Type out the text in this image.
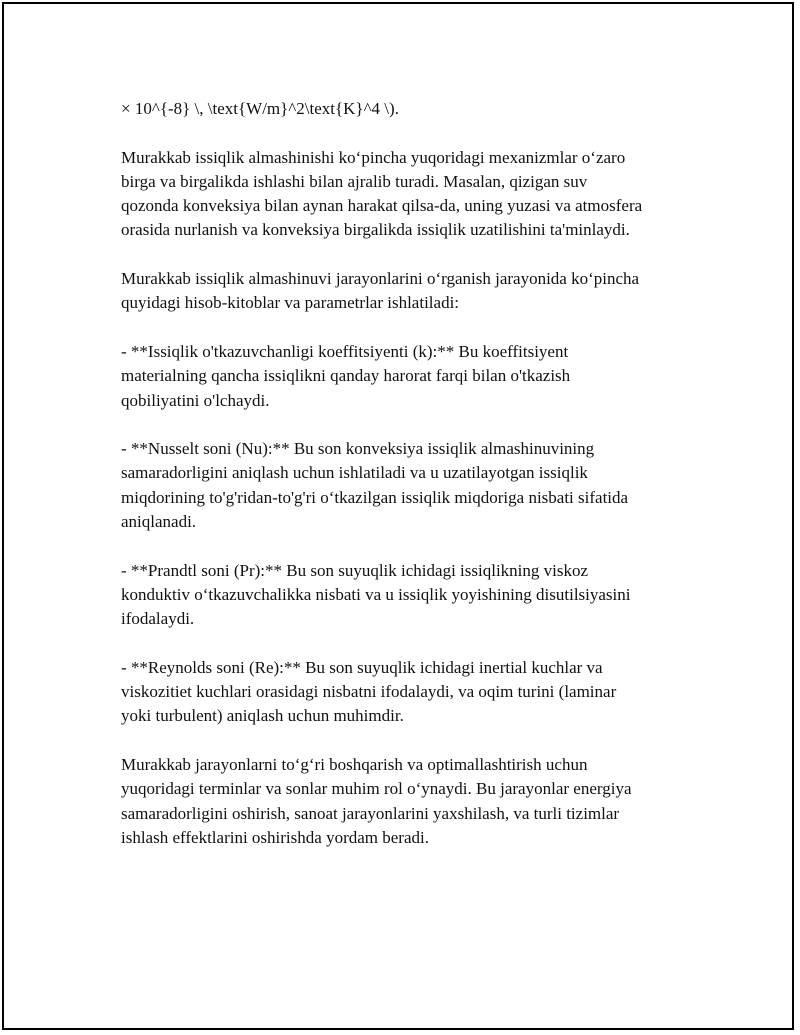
× 10^{-8} \, \text{W/m}^2\text{K}^4 \).

Murakkab issiqlik almashinishi ko‘pincha yuqoridagi mexanizmlar o‘zaro
birga va birgalikda ishlashi bilan ajralib turadi. Masalan, qizigan suv
qozonda konveksiya bilan aynan harakat qilsa-da, uning yuzasi va atmosfera
orasida nurlanish va konveksiya birgalikda issiqlik uzatilishini ta'minlaydi.

Murakkab issiqlik almashinuvi jarayonlarini o‘rganish jarayonida ko‘pincha
quyidagi hisob-kitoblar va parametrlar ishlatiladi:

- **Issiqlik o'tkazuvchanligi koeffitsiyenti (k):** Bu koeffitsiyent
materialning qancha issiqlikni qanday harorat farqi bilan o'tkazish
qobiliyatini o'lchaydi.

- **Nusselt soni (Nu):** Bu son konveksiya issiqlik almashinuvining
samaradorligini aniqlash uchun ishlatiladi va u uzatilayotgan issiqlik
miqdorining to'g'ridan-to'g'ri o‘tkazilgan issiqlik miqdoriga nisbati sifatida
aniqlanadi.

- **Prandtl soni (Pr):** Bu son suyuqlik ichidagi issiqlikning viskoz
konduktiv o‘tkazuvchalikka nisbati va u issiqlik yoyishining disutilsiyasini
ifodalaydi.

- **Reynolds soni (Re):** Bu son suyuqlik ichidagi inertial kuchlar va
viskozitiet kuchlari orasidagi nisbatni ifodalaydi, va oqim turini (laminar
yoki turbulent) aniqlash uchun muhimdir.

Murakkab jarayonlarni to‘g‘ri boshqarish va optimallashtirish uchun
yuqoridagi terminlar va sonlar muhim rol o‘ynaydi. Bu jarayonlar energiya
samaradorligini oshirish, sanoat jarayonlarini yaxshilash, va turli tizimlar
ishlash effektlarini oshirishda yordam beradi.
